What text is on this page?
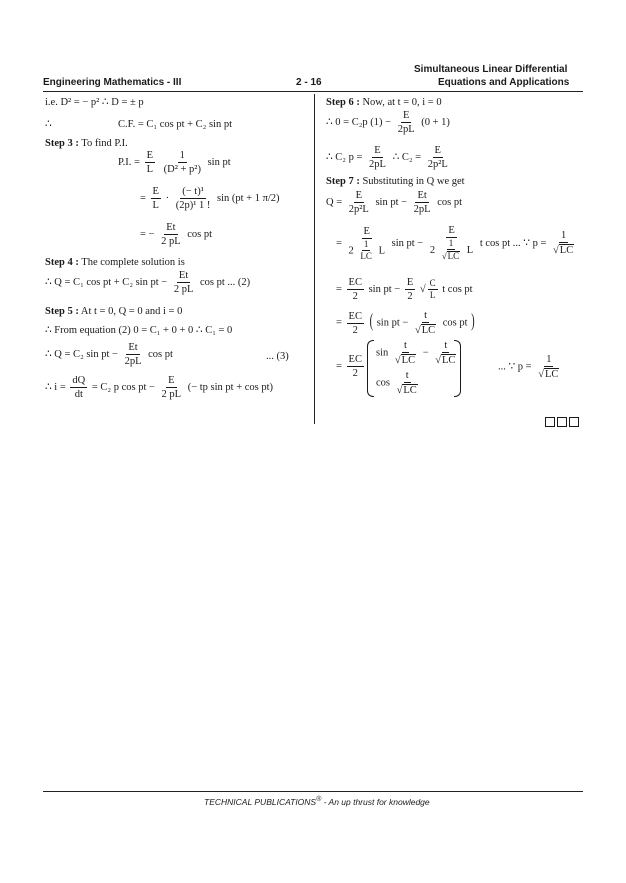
Simultaneous Linear Differential
Engineering Mathematics - III	2 - 16	Equations and Applications
i.e. D² = − p² ∴ D = ± p
∴	C.F. = C₁ cos pt + C₂ sin pt
Step 3 : To find P.I.
P.I. = $\frac{E}{L}$
$\frac{1}{\text{(D² + p²)}}$ sin pt
= $\frac{E}{L} \cdot \frac{\text{(− t)¹}}{\text{(2p)¹ 1 !}}$ sin (pt + 1 π/2)
= − $\frac{Et}{2 pL}$ cos pt
Step 4 : The complete solution is
∴ Q = C₁ cos pt + C₂ sin pt − $\frac{Et}{2 pL}$ cos pt ... (2)
Step 5 : At t = 0, Q = 0 and i = 0
∴ From equation (2) 0 = C₁ + 0 + 0 ∴ C₁ = 0
∴ Q = C₂ sin pt − $\frac{Et}{2pL}$ cos pt	... (3)
∴ $i = \frac{dQ}{dt} = C_2$ p cos pt − $\frac{E}{2 pL}$ (− tp sin pt + cos pt)
Step 6 : Now, at t = 0, i = 0
∴ 0 = C₂p $(1) - \frac{E}{2pL} (0 + 1)$
∴ C₂ $p = \frac{E}{2pL}$ ∴ $C_2 = \frac{E}{\text{2p²L}}$
Step 7 : Substituting in Q we get
$Q = \frac{E}{\text{2p²L}}$ sin pt − $\frac{Et}{2pL}$ cos pt
= $\frac{E}{2 \frac{1}{LC} L}$ sin pt − $\frac{E}{2 \frac{1}{√LC} L}$ t cos pt ... ∵ $p = \frac{1}{√LC}$
= $\frac{EC}{2}$ sin pt − $\frac{E}{2}$ √ $\frac{C}{L}$ t cos pt
= $\frac{EC}{2}$ ( sin pt − $\frac{t}{√LC}$ cos pt )
= $\frac{EC}{2}$
$\sin \frac{t}{√LC} - \frac{t}{√LC}$
$\cos \frac{t}{√LC}$
... ∵ $p = \frac{1}{√LC}$
TECHNICAL PUBLICATIONS® - An up thrust for knowledge
